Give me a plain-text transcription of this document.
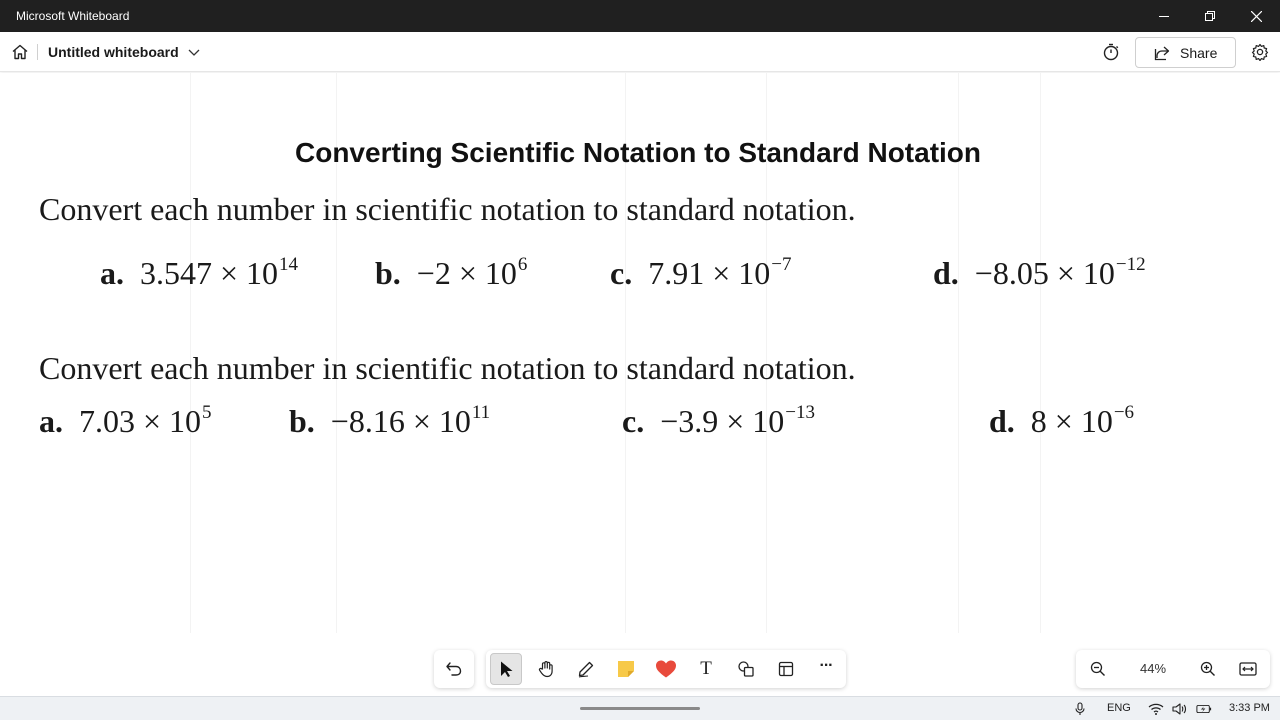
Microsoft Whiteboard
Untitled whiteboard	Share
Converting Scientific Notation to Standard Notation
Convert each number in scientific notation to standard notation.
a. $3.547 \times 10^{14}$ b. $-2 \times 10^6$	c. $7.91 \times 10^{-7}$	d. $-8.05 \times 10^{-12}$
Convert each number in scientific notation to standard notation.
a. $7.03 \times 10^5$ b. $-8.16 \times 10^{11}$	c. $-3.9 \times 10^{-13}$	d. $8 \times 10^{-6}$
T	···	44%
ENG	3:33 PM
